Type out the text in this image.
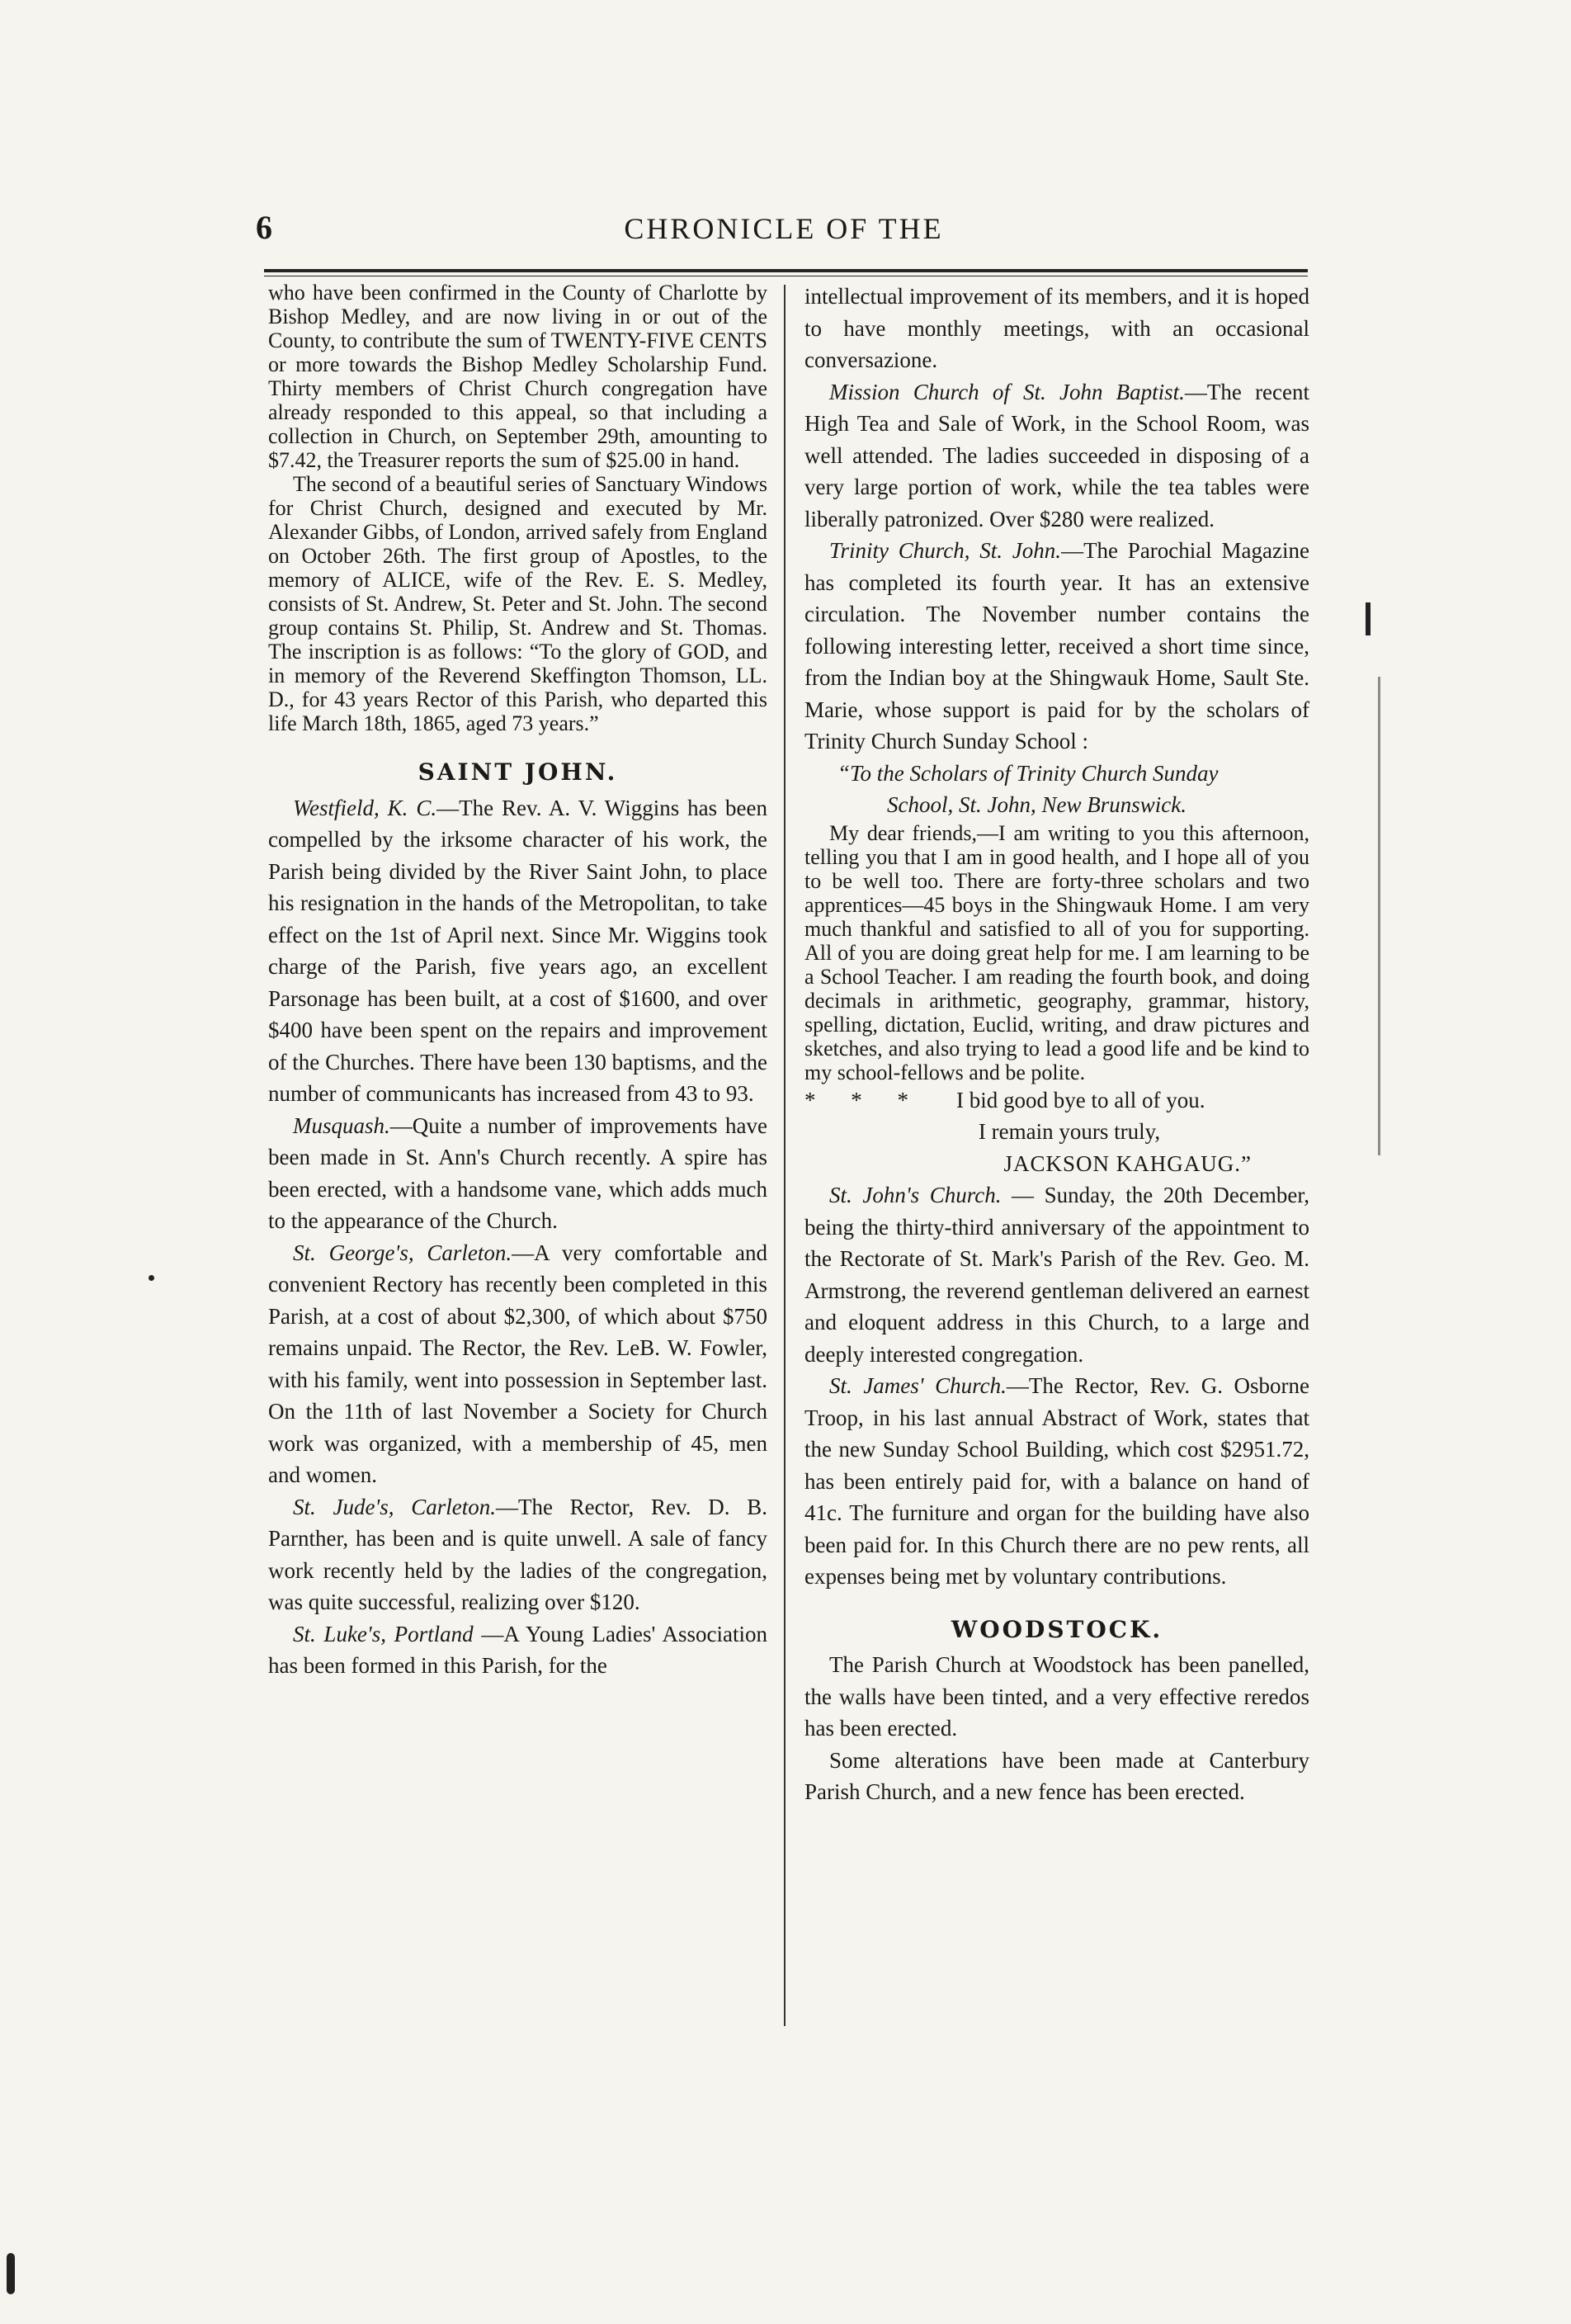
6	CHRONICLE OF THE

who have been confirmed in the County of Charlotte by Bishop Medley, and are now living in or out of the County, to contribute the sum of TWENTY-FIVE CENTS or more towards the Bishop Medley Scholarship Fund. Thirty members of Christ Church congregation have already responded to this appeal, so that including a collection in Church, on September 29th, amounting to $7.42, the Treasurer reports the sum of $25.00 in hand.

The second of a beautiful series of Sanctuary Windows for Christ Church, designed and executed by Mr. Alexander Gibbs, of London, arrived safely from England on October 26th. The first group of Apostles, to the memory of ALICE, wife of the Rev. E. S. Medley, consists of St. Andrew, St. Peter and St. John. The second group contains St. Philip, St. Andrew and St. Thomas. The inscription is as follows: “To the glory of GOD, and in memory of the Reverend Skeffington Thomson, LL. D., for 43 years Rector of this Parish, who departed this life March 18th, 1865, aged 73 years.”

SAINT JOHN.

Westfield, K. C.—The Rev. A. V. Wiggins has been compelled by the irksome character of his work, the Parish being divided by the River Saint John, to place his resignation in the hands of the Metropolitan, to take effect on the 1st of April next. Since Mr. Wiggins took charge of the Parish, five years ago, an excellent Parsonage has been built, at a cost of $1600, and over $400 have been spent on the repairs and improvement of the Churches. There have been 130 baptisms, and the number of communicants has increased from 43 to 93.

Musquash.—Quite a number of improvements have been made in St. Ann's Church recently. A spire has been erected, with a handsome vane, which adds much to the appearance of the Church.

St. George's, Carleton.—A very comfortable and convenient Rectory has recently been completed in this Parish, at a cost of about $2,300, of which about $750 remains unpaid. The Rector, the Rev. LeB. W. Fowler, with his family, went into possession in September last. On the 11th of last November a Society for Church work was organized, with a membership of 45, men and women.

St. Jude's, Carleton.—The Rector, Rev. D. B. Parnther, has been and is quite unwell. A sale of fancy work recently held by the ladies of the congregation, was quite successful, realizing over $120.

St. Luke's, Portland —A Young Ladies' Association has been formed in this Parish, for the

intellectual improvement of its members, and it is hoped to have monthly meetings, with an occasional conversazione.

Mission Church of St. John Baptist.—The recent High Tea and Sale of Work, in the School Room, was well attended. The ladies succeeded in disposing of a very large portion of work, while the tea tables were liberally patronized. Over $280 were realized.

Trinity Church, St. John.—The Parochial Magazine has completed its fourth year. It has an extensive circulation. The November number contains the following interesting letter, received a short time since, from the Indian boy at the Shingwauk Home, Sault Ste. Marie, whose support is paid for by the scholars of Trinity Church Sunday School :

“To the Scholars of Trinity Church Sunday

School, St. John, New Brunswick.

My dear friends,—I am writing to you this afternoon, telling you that I am in good health, and I hope all of you to be well too. There are forty-three scholars and two apprentices—45 boys in the Shingwauk Home. I am very much thankful and satisfied to all of you for supporting. All of you are doing great help for me. I am learning to be a School Teacher. I am reading the fourth book, and doing decimals in arithmetic, geography, grammar, history, spelling, dictation, Euclid, writing, and draw pictures and sketches, and also trying to lead a good life and be kind to my school-fellows and be polite.

* * * I bid good bye to all of you.

I remain yours truly,

JACKSON KAHGAUG.”

St. John's Church. — Sunday, the 20th December, being the thirty-third anniversary of the appointment to the Rectorate of St. Mark's Parish of the Rev. Geo. M. Armstrong, the reverend gentleman delivered an earnest and eloquent address in this Church, to a large and deeply interested congregation.

St. James' Church.—The Rector, Rev. G. Osborne Troop, in his last annual Abstract of Work, states that the new Sunday School Building, which cost $2951.72, has been entirely paid for, with a balance on hand of 41c. The furniture and organ for the building have also been paid for. In this Church there are no pew rents, all expenses being met by voluntary contributions.

WOODSTOCK.

The Parish Church at Woodstock has been panelled, the walls have been tinted, and a very effective reredos has been erected.

Some alterations have been made at Canterbury Parish Church, and a new fence has been erected.
